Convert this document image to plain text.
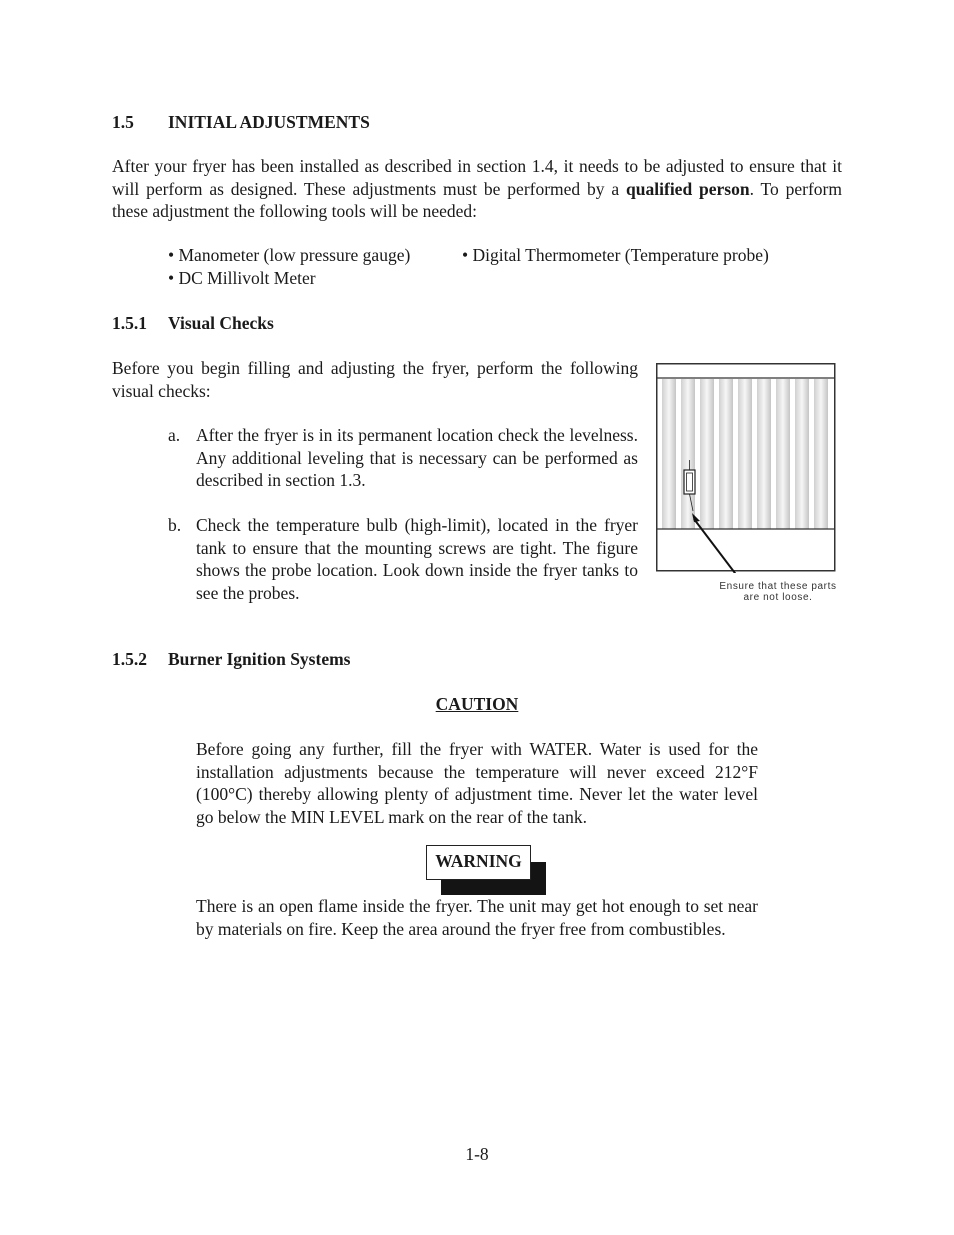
1.5 INITIAL ADJUSTMENTS
After your fryer has been installed as described in section 1.4, it needs to be adjusted to ensure that it will perform as designed. These adjustments must be performed by a qualified person. To perform these adjustment the following tools will be needed:
• Manometer (low pressure gauge)	• Digital Thermometer (Temperature probe)
• DC Millivolt Meter
1.5.1 Visual Checks
Before you begin filling and adjusting the fryer, perform the following visual checks:
a. After the fryer is in its permanent location check the levelness. Any additional leveling that is necessary can be performed as described in section 1.3.
b. Check the temperature bulb (high-limit), located in the fryer tank to ensure that the mounting screws are tight. The figure shows the probe location. Look down inside the fryer tanks to see the probes.	Ensure that these parts
are not loose.
1.5.2 Burner Ignition Systems
CAUTION
Before going any further, fill the fryer with WATER. Water is used for the installation adjustments because the temperature will never exceed 212°F (100°C) thereby allowing plenty of adjustment time. Never let the water level go below the MIN LEVEL mark on the rear of the tank.
WARNING
There is an open flame inside the fryer. The unit may get hot enough to set near by materials on fire. Keep the area around the fryer free from combustibles.
1-8
